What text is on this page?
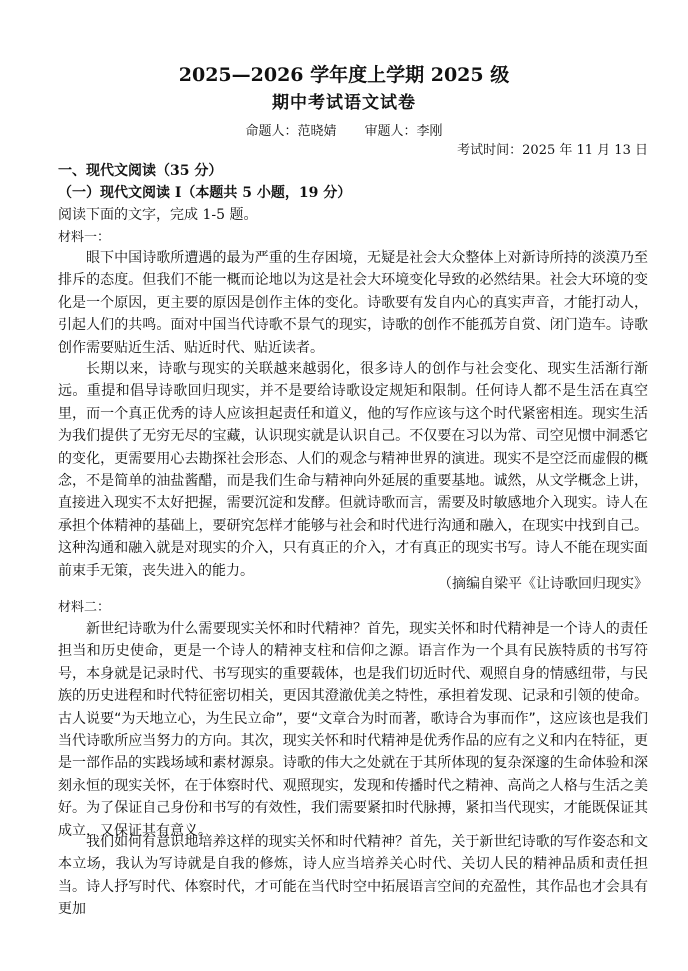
2025—2026 学年度上学期 2025 级
期中考试语文试卷
命题人：范晓婧 审题人：李刚
考试时间：2025 年 11 月 13 日
一、现代文阅读（35 分）
（一）现代文阅读 I（本题共 5 小题，19 分）
阅读下面的文字，完成 1-5 题。
材料一：
眼下中国诗歌所遭遇的最为严重的生存困境，无疑是社会大众整体上对新诗所持的淡漠乃至排斥的态度。但我们不能一概而论地以为这是社会大环境变化导致的必然结果。社会大环境的变化是一个原因，更主要的原因是创作主体的变化。诗歌要有发自内心的真实声音，才能打动人，引起人们的共鸣。面对中国当代诗歌不景气的现实，诗歌的创作不能孤芳自赏、闭门造车。诗歌创作需要贴近生活、贴近时代、贴近读者。
长期以来，诗歌与现实的关联越来越弱化，很多诗人的创作与社会变化、现实生活渐行渐远。重提和倡导诗歌回归现实，并不是要给诗歌设定规矩和限制。任何诗人都不是生活在真空里，而一个真正优秀的诗人应该担起责任和道义，他的写作应该与这个时代紧密相连。现实生活为我们提供了无穷无尽的宝藏，认识现实就是认识自己。不仅要在习以为常、司空见惯中洞悉它的变化，更需要用心去勘探社会形态、人们的观念与精神世界的演进。现实不是空泛而虚假的概念，不是简单的油盐酱醋，而是我们生命与精神向外延展的重要基地。诚然，从文学概念上讲，直接进入现实不太好把握，需要沉淀和发酵。但就诗歌而言，需要及时敏感地介入现实。诗人在承担个体精神的基础上，要研究怎样才能够与社会和时代进行沟通和融入，在现实中找到自己。这种沟通和融入就是对现实的介入，只有真正的介入，才有真正的现实书写。诗人不能在现实面前束手无策，丧失进入的能力。
（摘编自梁平《让诗歌回归现实》
材料二：
新世纪诗歌为什么需要现实关怀和时代精神？首先，现实关怀和时代精神是一个诗人的责任担当和历史使命，更是一个诗人的精神支柱和信仰之源。语言作为一个具有民族特质的书写符号，本身就是记录时代、书写现实的重要载体，也是我们切近时代、观照自身的情感纽带，与民族的历史进程和时代特征密切相关，更因其澄澈优美之特性，承担着发现、记录和引领的使命。古人说要“为天地立心，为生民立命”，要“文章合为时而著，歌诗合为事而作”，这应该也是我们当代诗歌所应当努力的方向。其次，现实关怀和时代精神是优秀作品的应有之义和内在特征，更是一部作品的实践场域和素材源泉。诗歌的伟大之处就在于其所体现的复杂深邃的生命体验和深刻永恒的现实关怀，在于体察时代、观照现实，发现和传播时代之精神、高尚之人格与生活之美好。为了保证自己身份和书写的有效性，我们需要紧扣时代脉搏，紧扣当代现实，才能既保证其成立，又保证其有意义。
我们如何有意识地培养这样的现实关怀和时代精神？首先，关于新世纪诗歌的写作姿态和文本立场，我认为写诗就是自我的修炼，诗人应当培养关心时代、关切人民的精神品质和责任担当。诗人抒写时代、体察时代，才可能在当代时空中拓展语言空间的充盈性，其作品也才会具有更加
